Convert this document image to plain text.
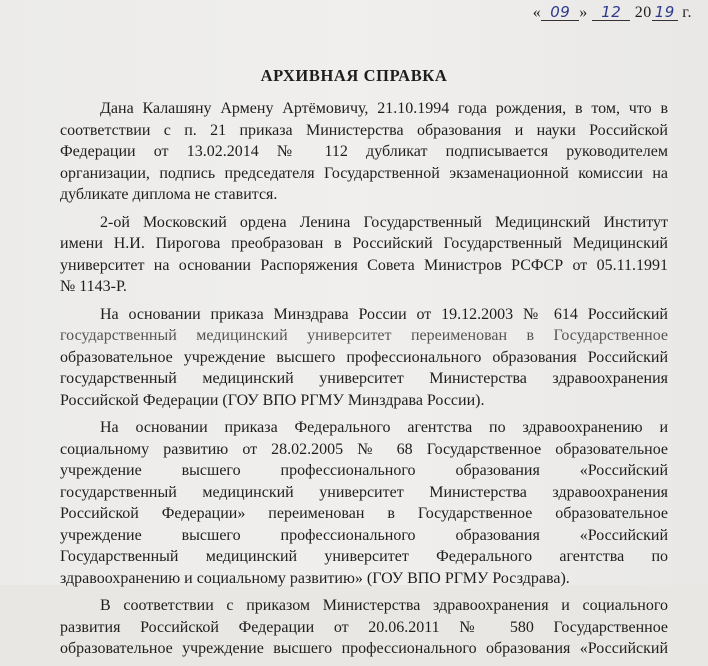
« 09 » 12 20 19 г.
АРХИВНАЯ СПРАВКА
Дана Калашяну Армену Артёмовичу, 21.10.1994 года рождения, в том, что в
соответствии с п. 21 приказа Министерства образования и науки Российской
Федерации от 13.02.2014 № 112 дубликат подписывается руководителем
организации, подпись председателя Государственной экзаменационной комиссии на
дубликате диплома не ставится.
2-ой Московский ордена Ленина Государственный Медицинский Институт
имени Н.И. Пирогова преобразован в Российский Государственный Медицинский
университет на основании Распоряжения Совета Министров РСФСР от 05.11.1991
№ 1143-Р.
На основании приказа Минздрава России от 19.12.2003 № 614 Российский
государственный медицинский университет переименован в Государственное
образовательное учреждение высшего профессионального образования Российский
государственный медицинский университет Министерства здравоохранения
Российской Федерации (ГОУ ВПО РГМУ Минздрава России).
На основании приказа Федерального агентства по здравоохранению и
социальному развитию от 28.02.2005 № 68 Государственное образовательное
учреждение высшего профессионального образования «Российский
государственный медицинский университет Министерства здравоохранения
Российской Федерации» переименован в Государственное образовательное
учреждение высшего профессионального образования «Российский
Государственный медицинский университет Федерального агентства по
здравоохранению и социальному развитию» (ГОУ ВПО РГМУ Росздрава).
В соответствии с приказом Министерства здравоохранения и социального
развития Российской Федерации от 20.06.2011 № 580 Государственное
образовательное учреждение высшего профессионального образования «Российский
